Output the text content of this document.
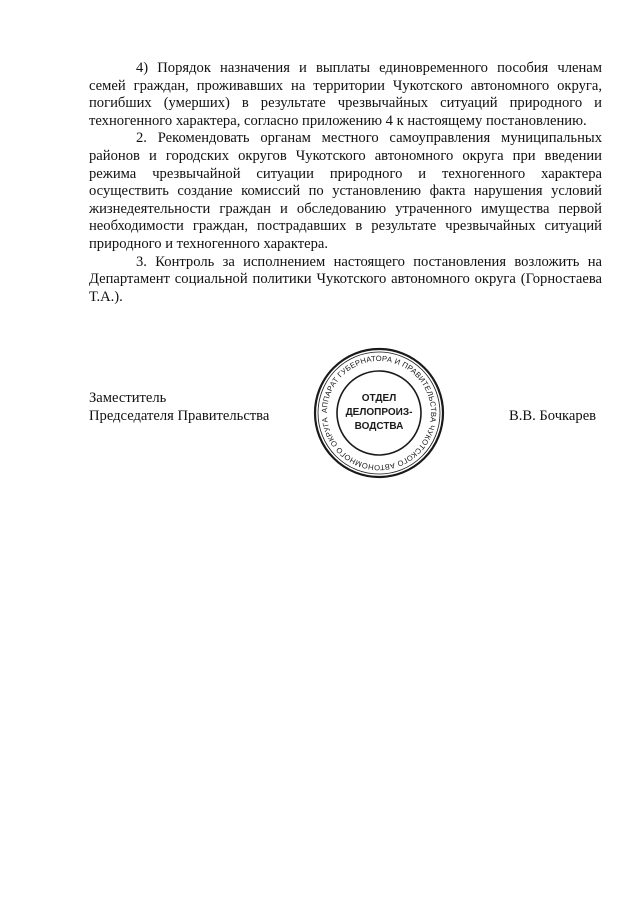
4) Порядок назначения и выплаты единовременного пособия членам семей граждан, проживавших на территории Чукотского автономного округа, погибших (умерших) в результате чрезвычайных ситуаций природного и техногенного характера, согласно приложению 4 к настоящему постановлению.

2. Рекомендовать органам местного самоуправления муниципальных районов и городских округов Чукотского автономного округа при введении режима чрезвычайной ситуации природного и техногенного характера осуществить создание комиссий по установлению факта нарушения условий жизнедеятельности граждан и обследованию утраченного имущества первой необходимости граждан, пострадавших в результате чрезвычайных ситуаций природного и техногенного характера.

3. Контроль за исполнением настоящего постановления возложить на Департамент социальной политики Чукотского автономного округа (Горностаева Т.А.).

Заместитель
Председателя Правительства	В.В. Бочкарев
АППАРАТ ГУБЕРНАТОРА И ПРАВИТЕЛЬСТВА ЧУКОТСКОГО АВТОНОМНОГО ОКРУГА
ОТДЕЛ
ДЕЛОПРОИЗ-
ВОДСТВА
